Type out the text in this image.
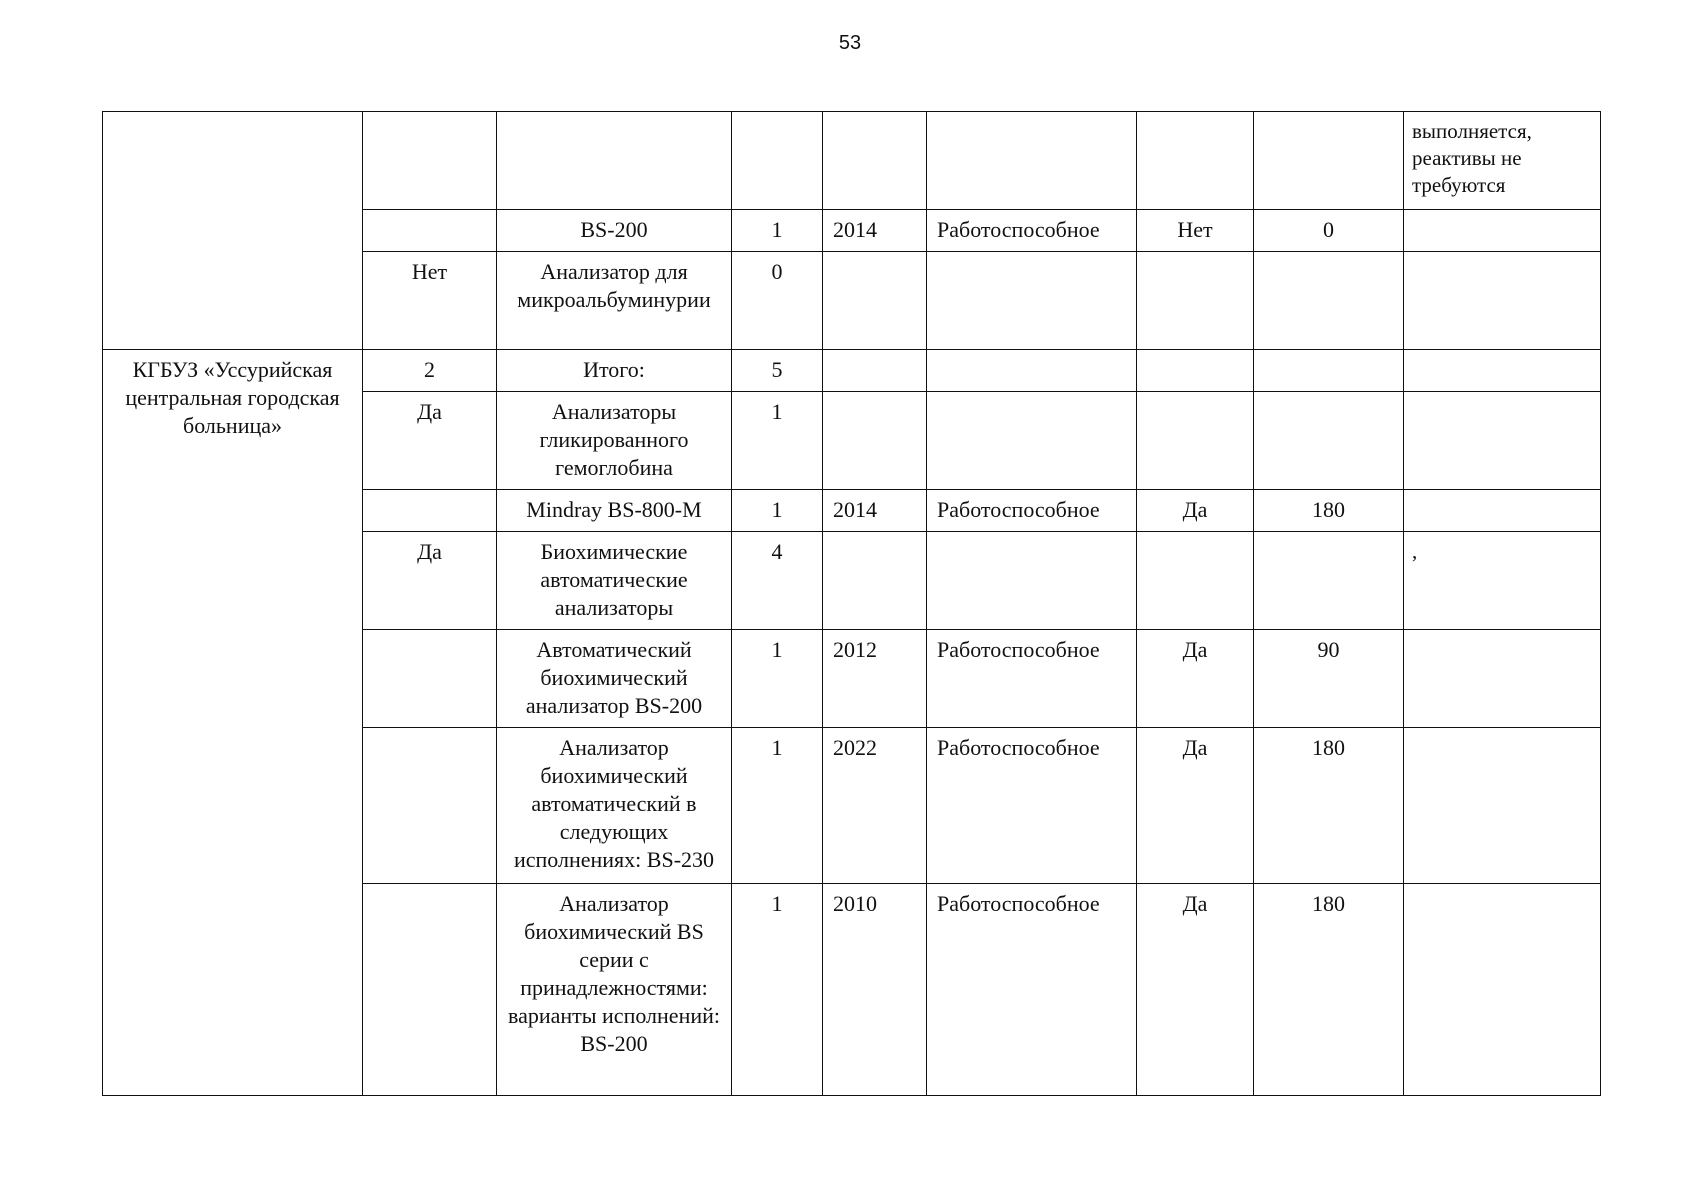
53
								выполняется, реактивы не требуются
		BS-200	1	2014	Работоспособное	Нет	0	
	Нет	Анализатор для микроальбуминурии	0					
КГБУЗ «Уссурийская центральная городская больница»	2	Итого:	5					
	Да	Анализаторы гликированного гемоглобина	1					
		Mindray BS-800-M	1	2014	Работоспособное	Да	180	
	Да	Биохимические автоматические анализаторы	4					,
		Автоматический биохимический анализатор BS-200	1	2012	Работоспособное	Да	90	
		Анализатор биохимический автоматический в следующих исполнениях: BS-230	1	2022	Работоспособное	Да	180	
		Анализатор биохимический BS серии с принадлежностями: варианты исполнений: BS-200	1	2010	Работоспособное	Да	180	
